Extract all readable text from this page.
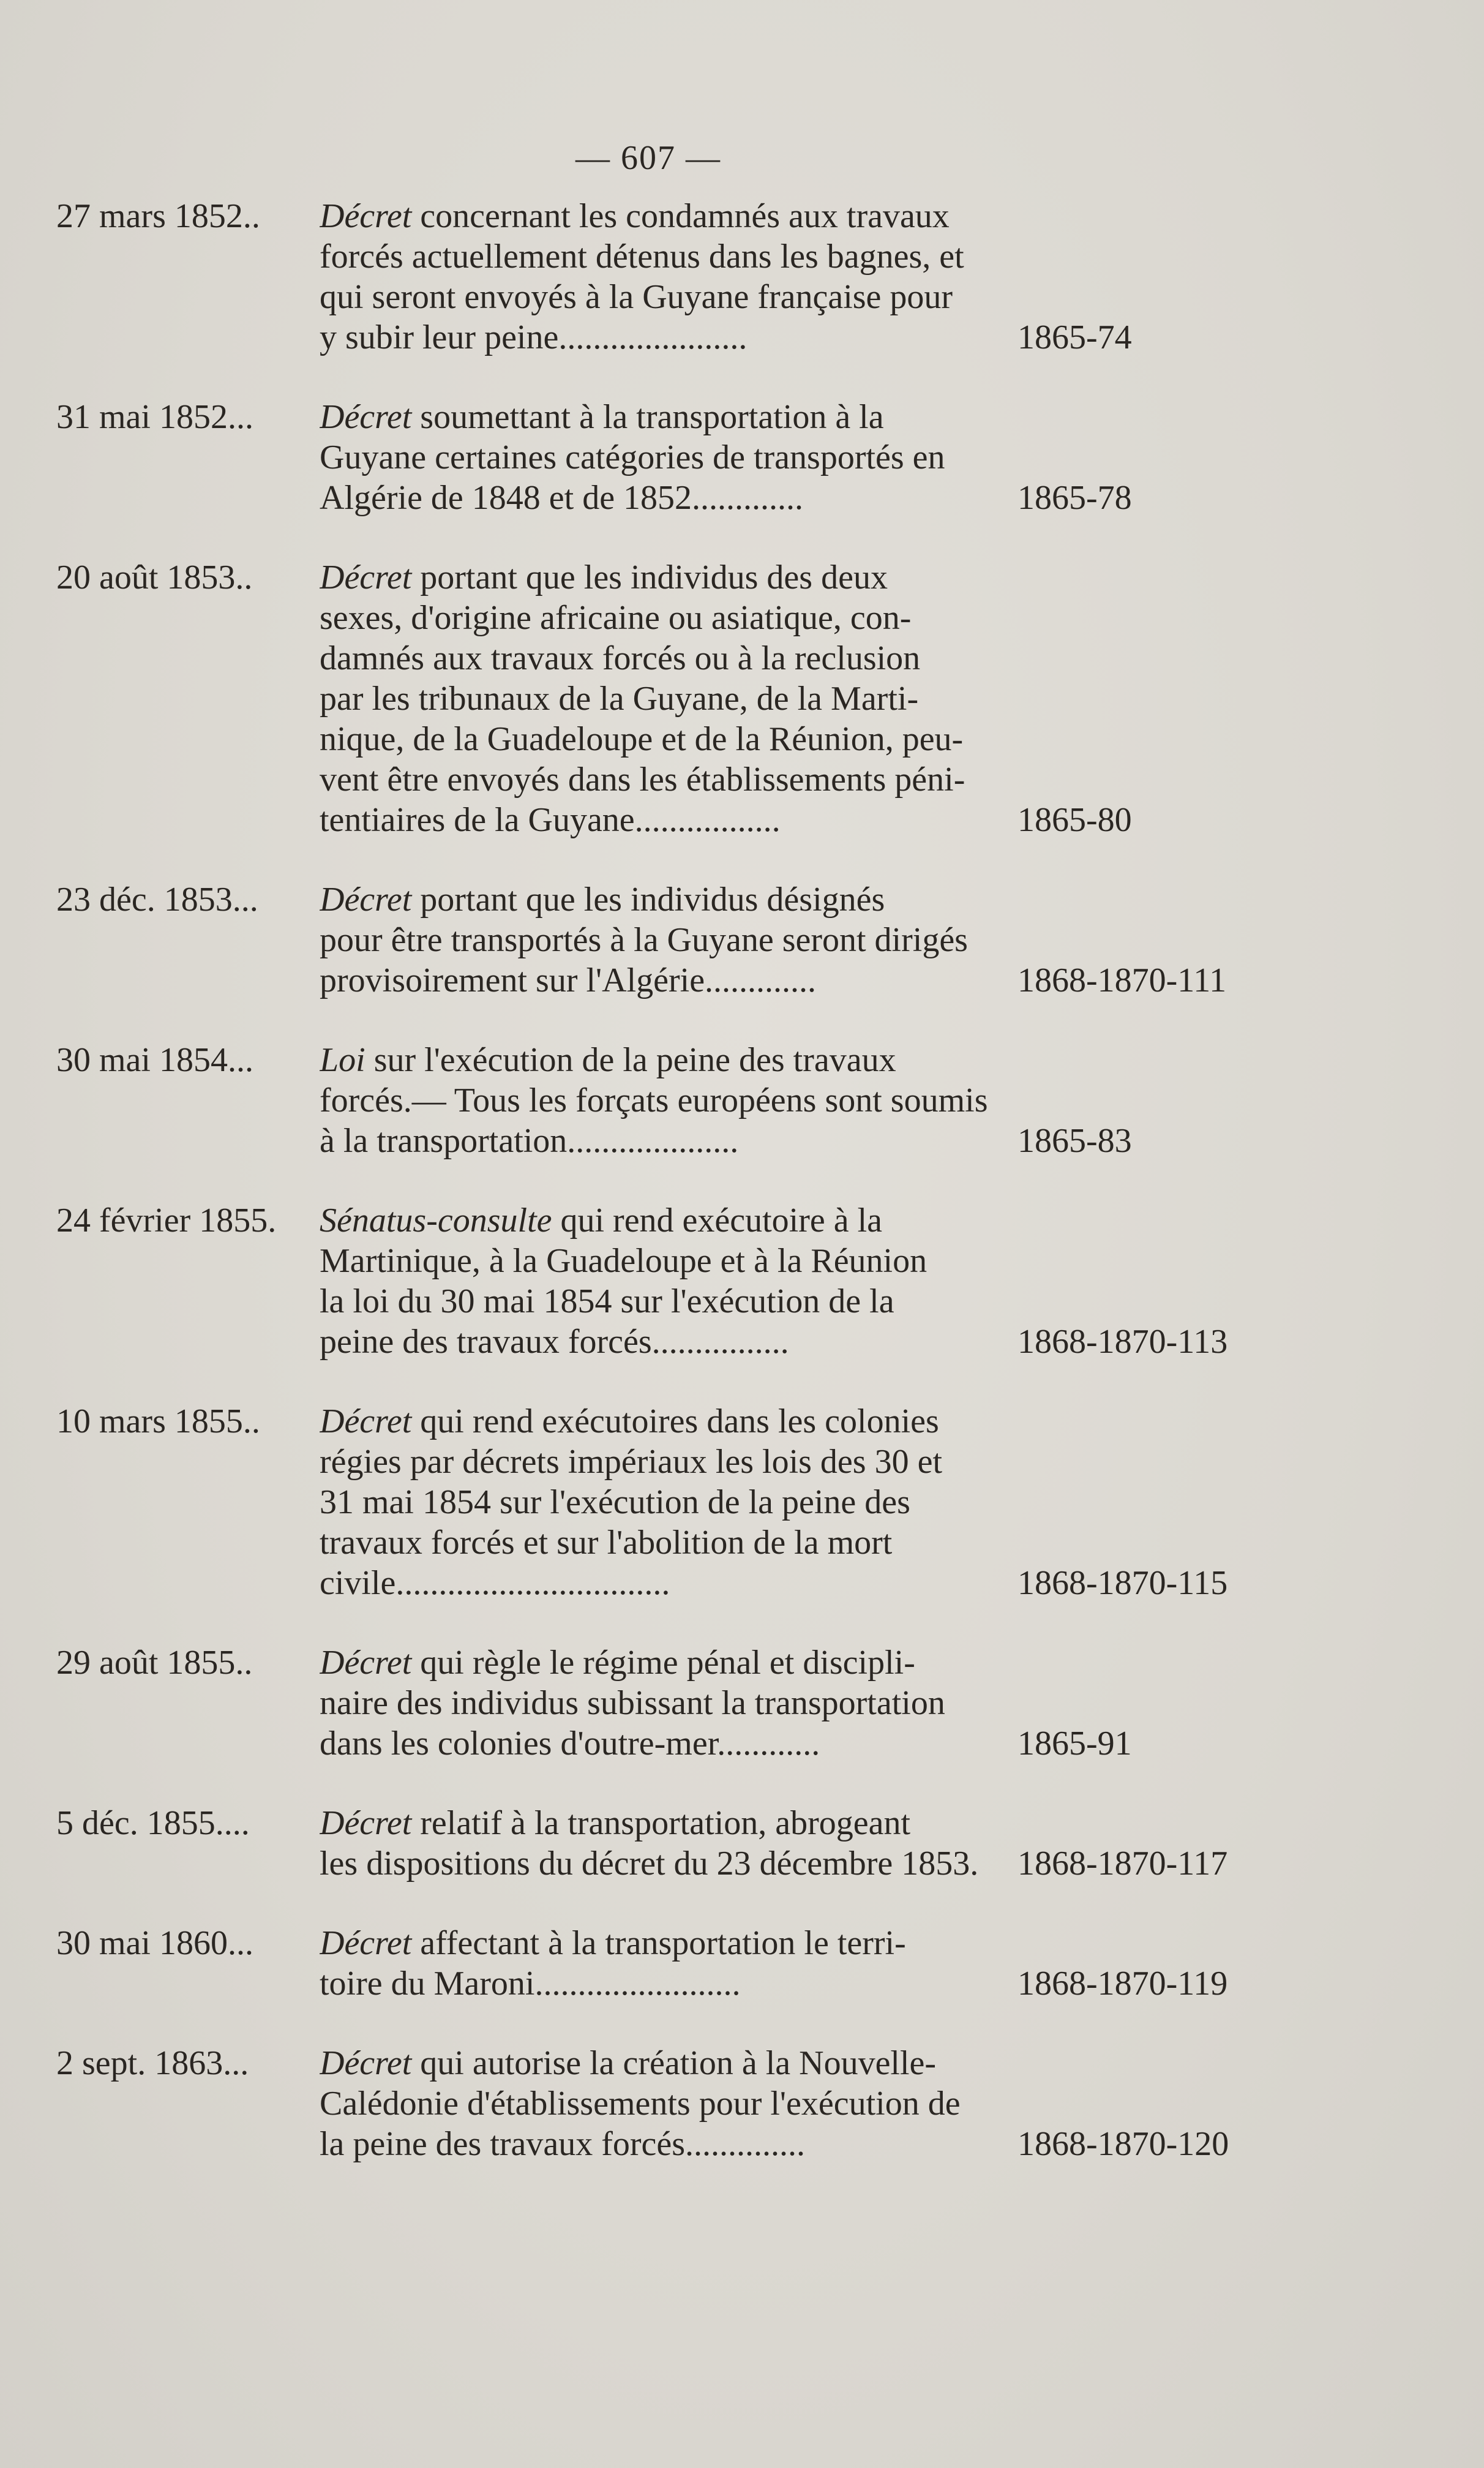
— 607 —
27 mars 1852..	Décret concernant les condamnés aux travaux
forcés actuellement détenus dans les bagnes, et
qui seront envoyés à la Guyane française pour
y subir leur peine......................	1865-74
31 mai 1852...	Décret soumettant à la transportation à la
Guyane certaines catégories de transportés en
Algérie de 1848 et de 1852.............	1865-78
20 août 1853..	Décret portant que les individus des deux
sexes, d'origine africaine ou asiatique, con-
damnés aux travaux forcés ou à la reclusion
par les tribunaux de la Guyane, de la Marti-
nique, de la Guadeloupe et de la Réunion, peu-
vent être envoyés dans les établissements péni-
tentiaires de la Guyane.................	1865-80
23 déc. 1853...	Décret portant que les individus désignés
pour être transportés à la Guyane seront dirigés
provisoirement sur l'Algérie.............	1868-1870-111
30 mai 1854...	Loi sur l'exécution de la peine des travaux
forcés.— Tous les forçats européens sont soumis
à la transportation....................	1865-83
24 février 1855.	Sénatus-consulte qui rend exécutoire à la
Martinique, à la Guadeloupe et à la Réunion
la loi du 30 mai 1854 sur l'exécution de la
peine des travaux forcés................	1868-1870-113
10 mars 1855..	Décret qui rend exécutoires dans les colonies
régies par décrets impériaux les lois des 30 et
31 mai 1854 sur l'exécution de la peine des
travaux forcés et sur l'abolition de la mort
civile................................	1868-1870-115
29 août 1855..	Décret qui règle le régime pénal et discipli-
naire des individus subissant la transportation
dans les colonies d'outre-mer............	1865-91
5 déc. 1855....	Décret relatif à la transportation, abrogeant
les dispositions du décret du 23 décembre 1853.	1868-1870-117
30 mai 1860...	Décret affectant à la transportation le terri-
toire du Maroni........................	1868-1870-119
2 sept. 1863...	Décret qui autorise la création à la Nouvelle-
Calédonie d'établissements pour l'exécution de
la peine des travaux forcés..............	1868-1870-120
